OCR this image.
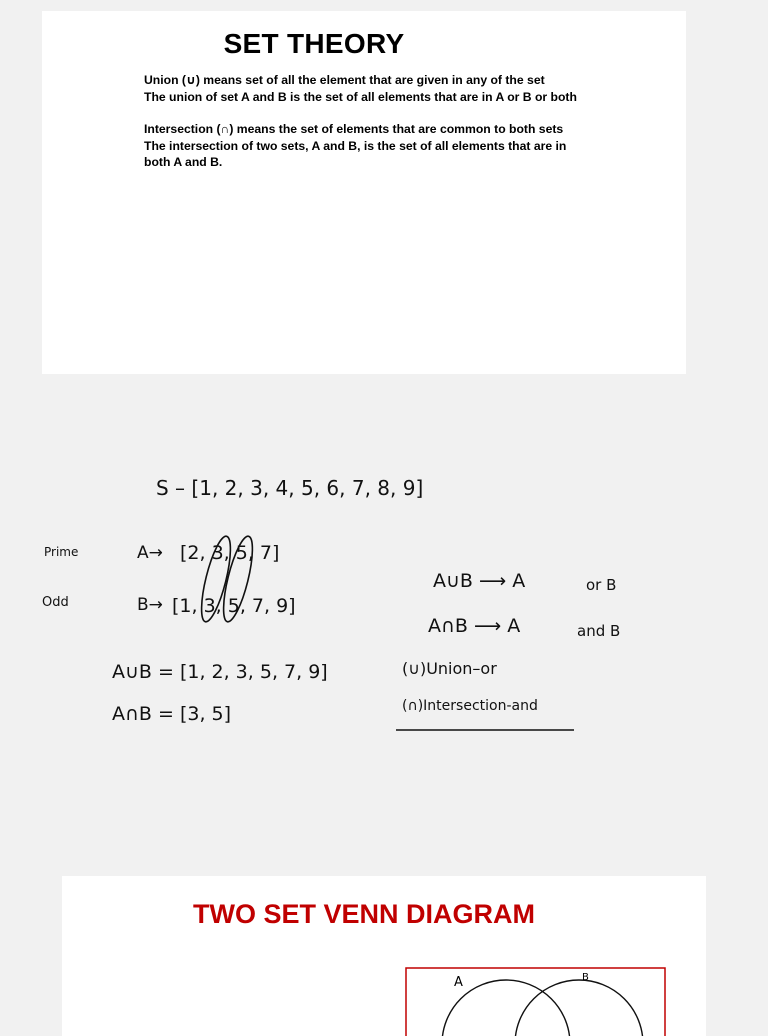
SET THEORY

Union (∪) means set of all the element that are given in any of the set

The union of set A and B is the set of all elements that are in A or B or both

Intersection (∩) means the set of elements that are common to both sets

The intersection of two sets, A and B, is the set of all elements that are in

both A and B.

S – [1, 2, 3, 4, 5, 6, 7, 8, 9]
Prime
Odd
A→ [2, 3, 5, 7]
B→ [1, 3, 5, 7, 9]
A∪B = [1, 2, 3, 5, 7, 9]
A∩B = [3, 5]
A∪B ⟶ A	or B
A∩B ⟶ A	and B
(∪)Union–or
(∩)Intersection-and
TWO SET VENN DIAGRAM
A	B
